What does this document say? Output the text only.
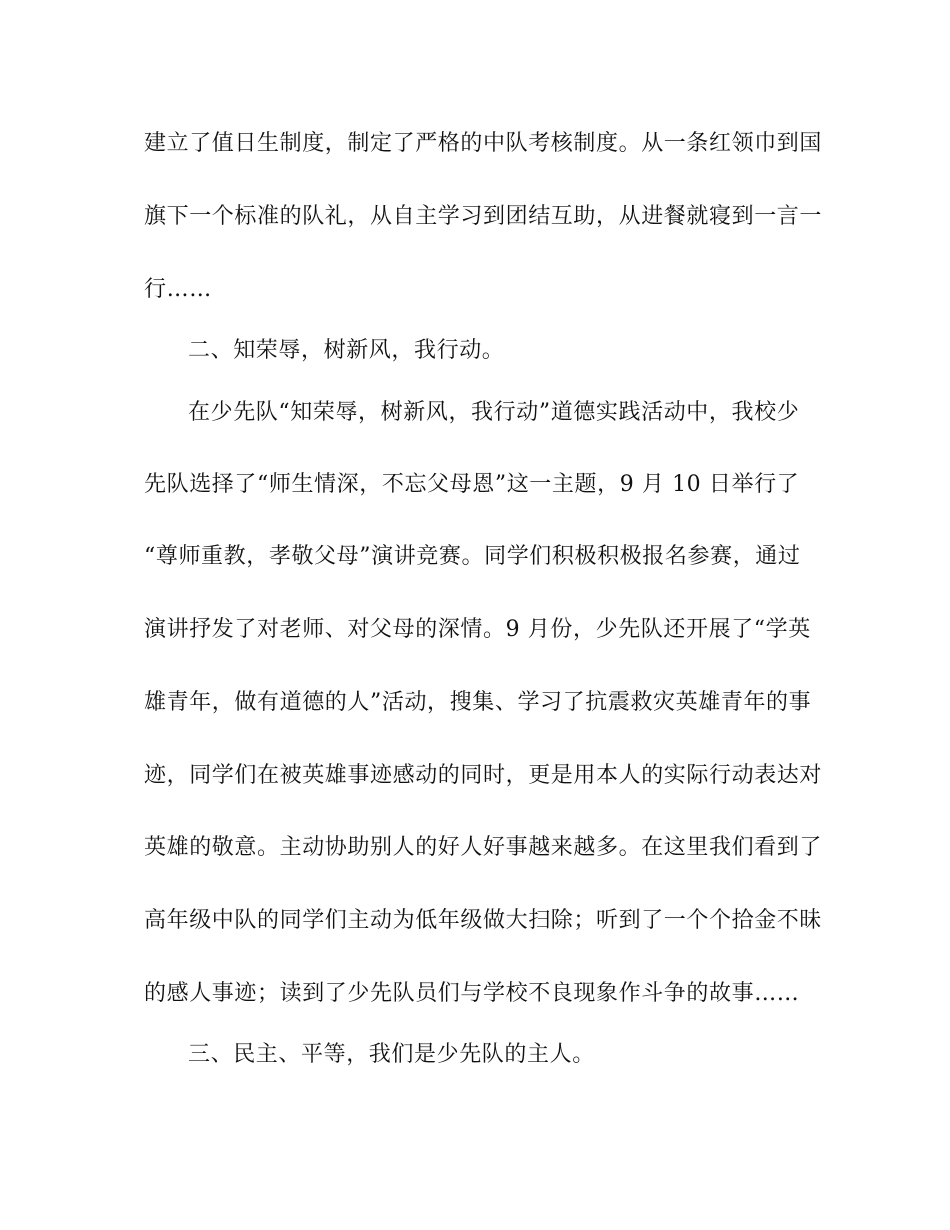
建立了值日生制度，制定了严格的中队考核制度。从一条红领巾到国
旗下一个标准的队礼，从自主学习到团结互助，从进餐就寝到一言一
行……
二、知荣辱，树新风，我行动。
在少先队“知荣辱，树新风，我行动”道德实践活动中，我校少
先队选择了“师生情深，不忘父母恩”这一主题，9 月 10 日举行了
“尊师重教，孝敬父母”演讲竞赛。同学们积极积极报名参赛，通过
演讲抒发了对老师、对父母的深情。9 月份，少先队还开展了“学英
雄青年，做有道德的人”活动，搜集、学习了抗震救灾英雄青年的事
迹，同学们在被英雄事迹感动的同时，更是用本人的实际行动表达对
英雄的敬意。主动协助别人的好人好事越来越多。在这里我们看到了
高年级中队的同学们主动为低年级做大扫除；听到了一个个拾金不昧
的感人事迹；读到了少先队员们与学校不良现象作斗争的故事……
三、民主、平等，我们是少先队的主人。
